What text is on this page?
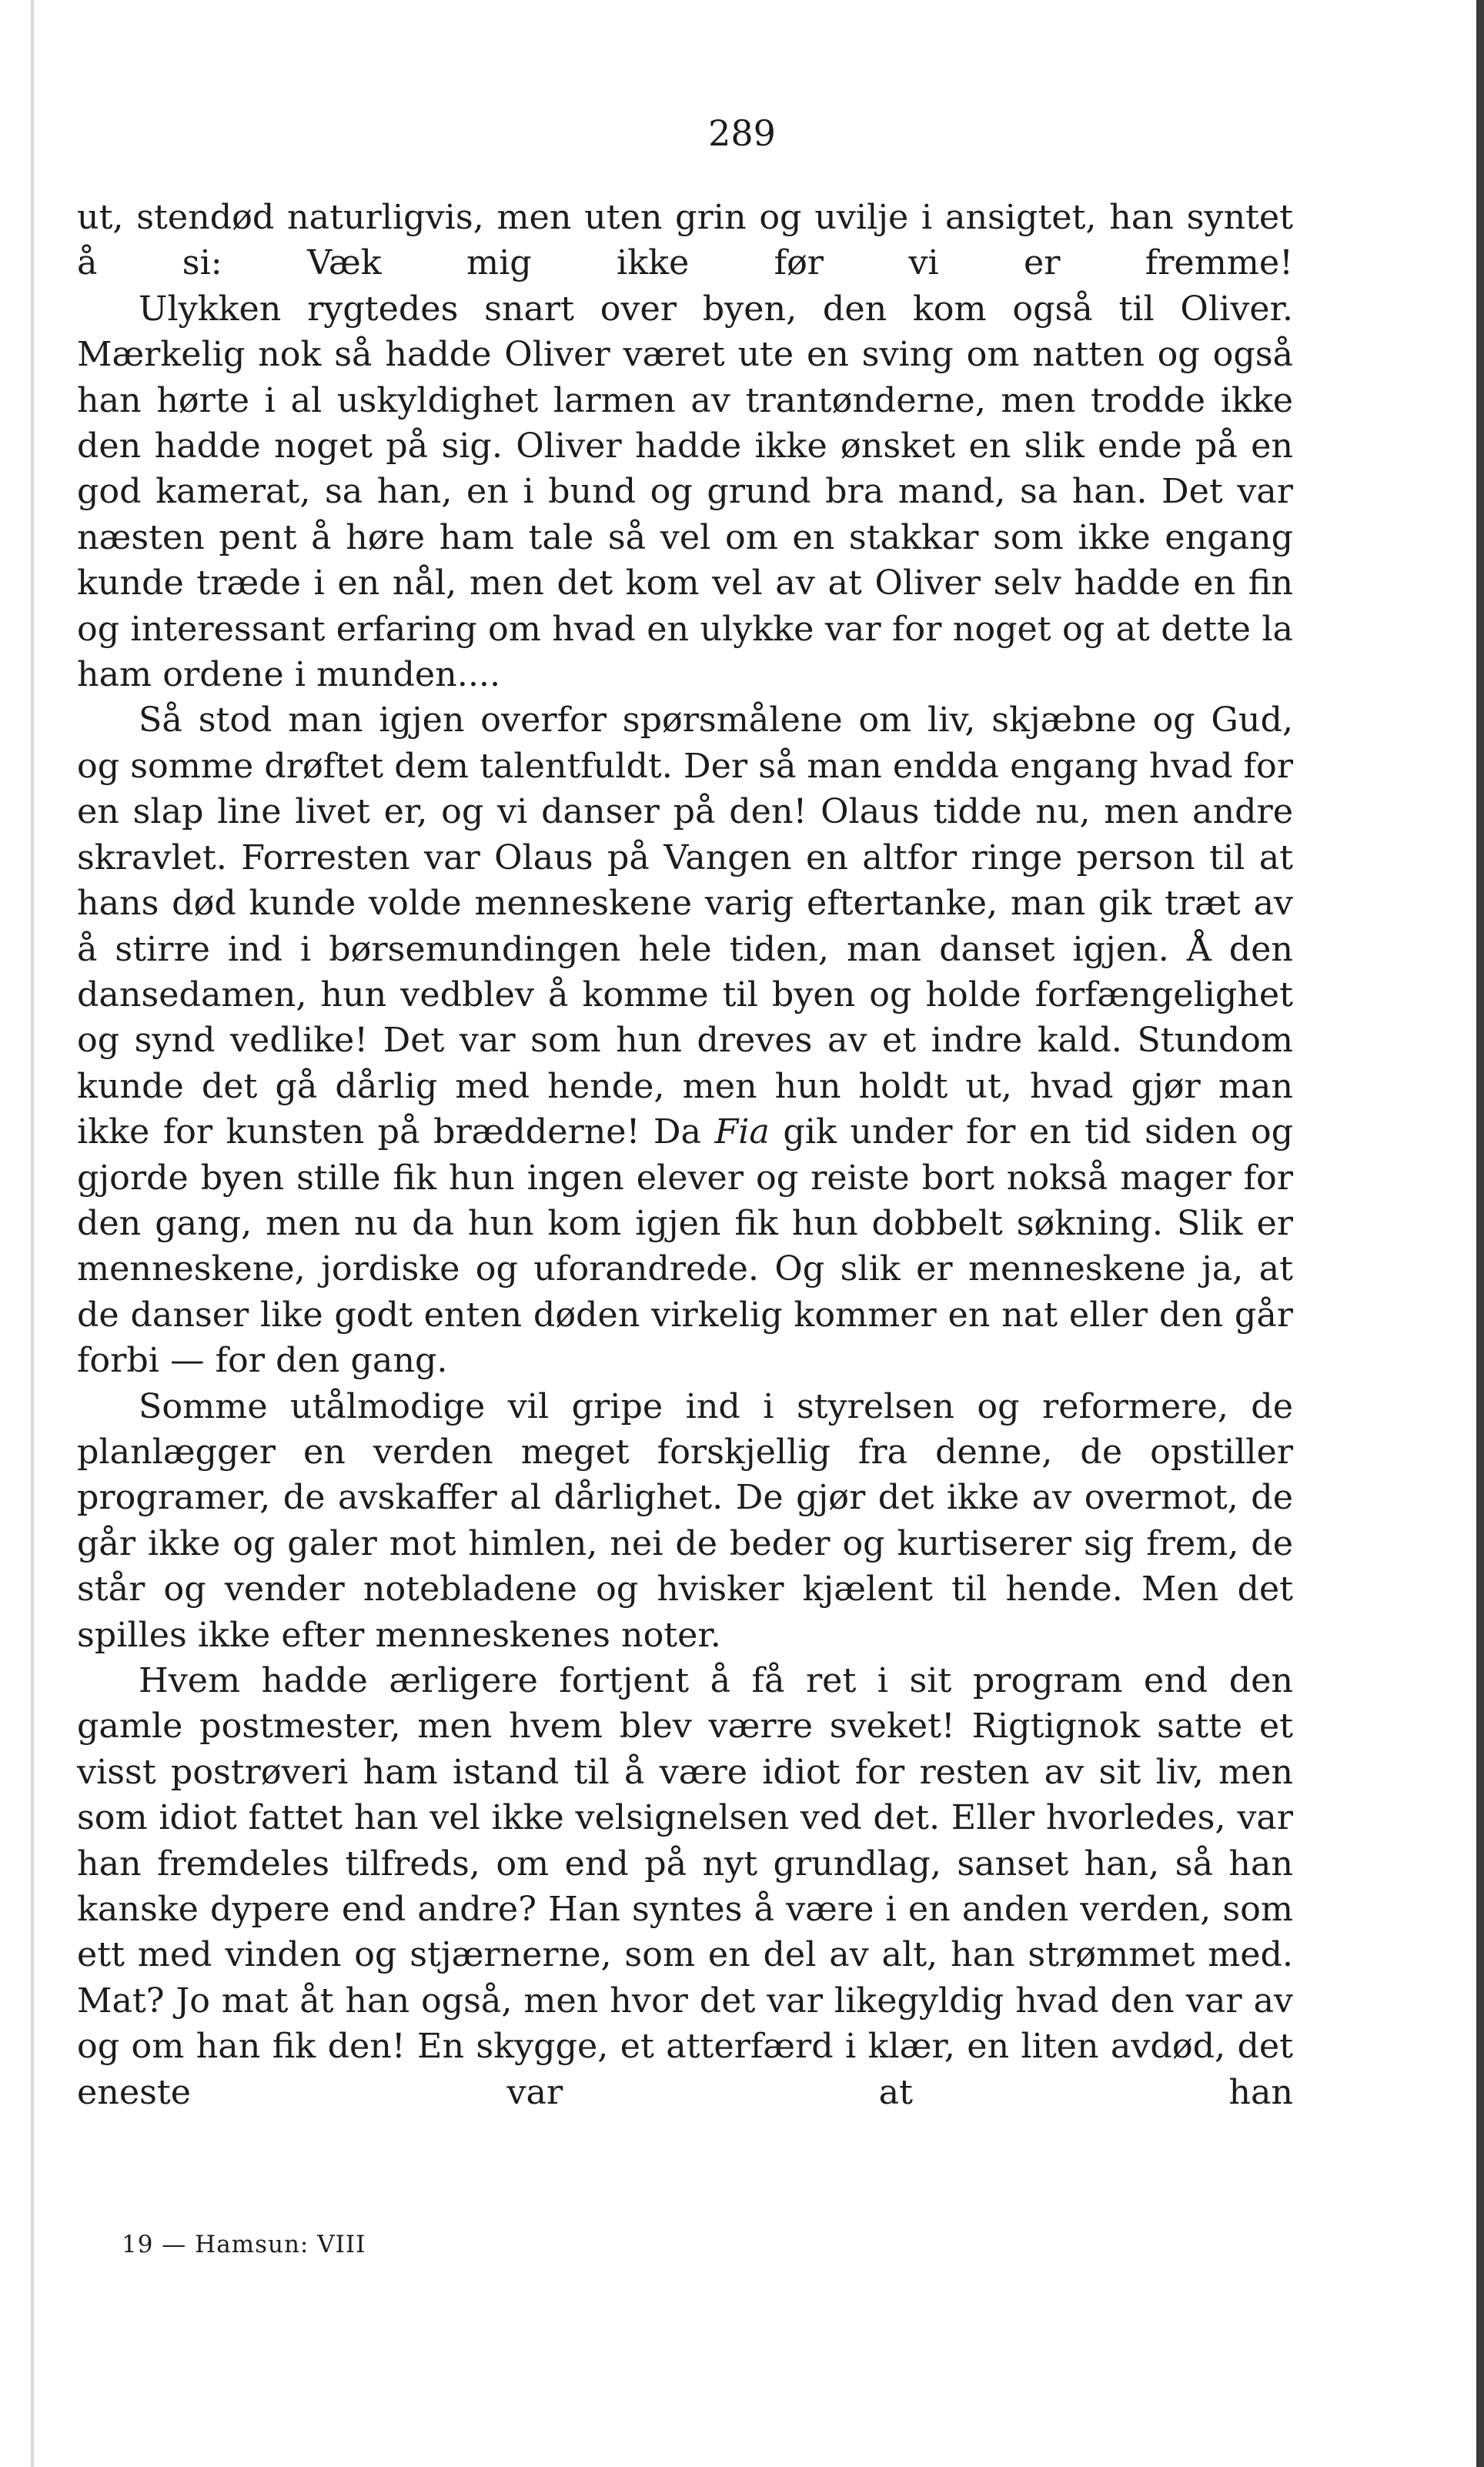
289

ut, stendød naturligvis, men uten grin og uvilje i ansigtet, han syntet å si: Væk mig ikke før vi er fremme!

Ulykken rygtedes snart over byen, den kom også til Oliver. Mærkelig nok så hadde Oliver været ute en sving om natten og også han hørte i al uskyldighet larmen av trantønderne, men trodde ikke den hadde noget på sig. Oliver hadde ikke ønsket en slik ende på en god kamerat, sa han, en i bund og grund bra mand, sa han. Det var næsten pent å høre ham tale så vel om en stakkar som ikke engang kunde træde i en nål, men det kom vel av at Oliver selv hadde en fin og interessant erfaring om hvad en ulykke var for noget og at dette la ham ordene i munden....

Så stod man igjen overfor spørsmålene om liv, skjæbne og Gud, og somme drøftet dem talentfuldt. Der så man endda engang hvad for en slap line livet er, og vi danser på den! Olaus tidde nu, men andre skravlet. Forresten var Olaus på Vangen en altfor ringe person til at hans død kunde volde menneskene varig eftertanke, man gik træt av å stirre ind i børsemundingen hele tiden, man danset igjen. Å den dansedamen, hun vedblev å komme til byen og holde forfængelighet og synd vedlike! Det var som hun dreves av et indre kald. Stundom kunde det gå dårlig med hende, men hun holdt ut, hvad gjør man ikke for kunsten på brædderne! Da Fia gik under for en tid siden og gjorde byen stille fik hun ingen elever og reiste bort nokså mager for den gang, men nu da hun kom igjen fik hun dobbelt søkning. Slik er menneskene, jordiske og uforandrede. Og slik er menneskene ja, at de danser like godt enten døden virkelig kommer en nat eller den går forbi — for den gang.

Somme utålmodige vil gripe ind i styrelsen og reformere, de planlægger en verden meget forskjellig fra denne, de opstiller programer, de avskaffer al dårlighet. De gjør det ikke av overmot, de går ikke og galer mot himlen, nei de beder og kurtiserer sig frem, de står og vender notebladene og hvisker kjælent til hende. Men det spilles ikke efter menneskenes noter.

Hvem hadde ærligere fortjent å få ret i sit program end den gamle postmester, men hvem blev værre sveket! Rigtignok satte et visst postrøveri ham istand til å være idiot for resten av sit liv, men som idiot fattet han vel ikke velsignelsen ved det. Eller hvorledes, var han fremdeles tilfreds, om end på nyt grundlag, sanset han, så han kanske dypere end andre? Han syntes å være i en anden verden, som ett med vinden og stjærnerne, som en del av alt, han strømmet med. Mat? Jo mat åt han også, men hvor det var likegyldig hvad den var av og om han fik den! En skygge, et atterfærd i klær, en liten avdød, det eneste var at han

19 — Hamsun: VIII
